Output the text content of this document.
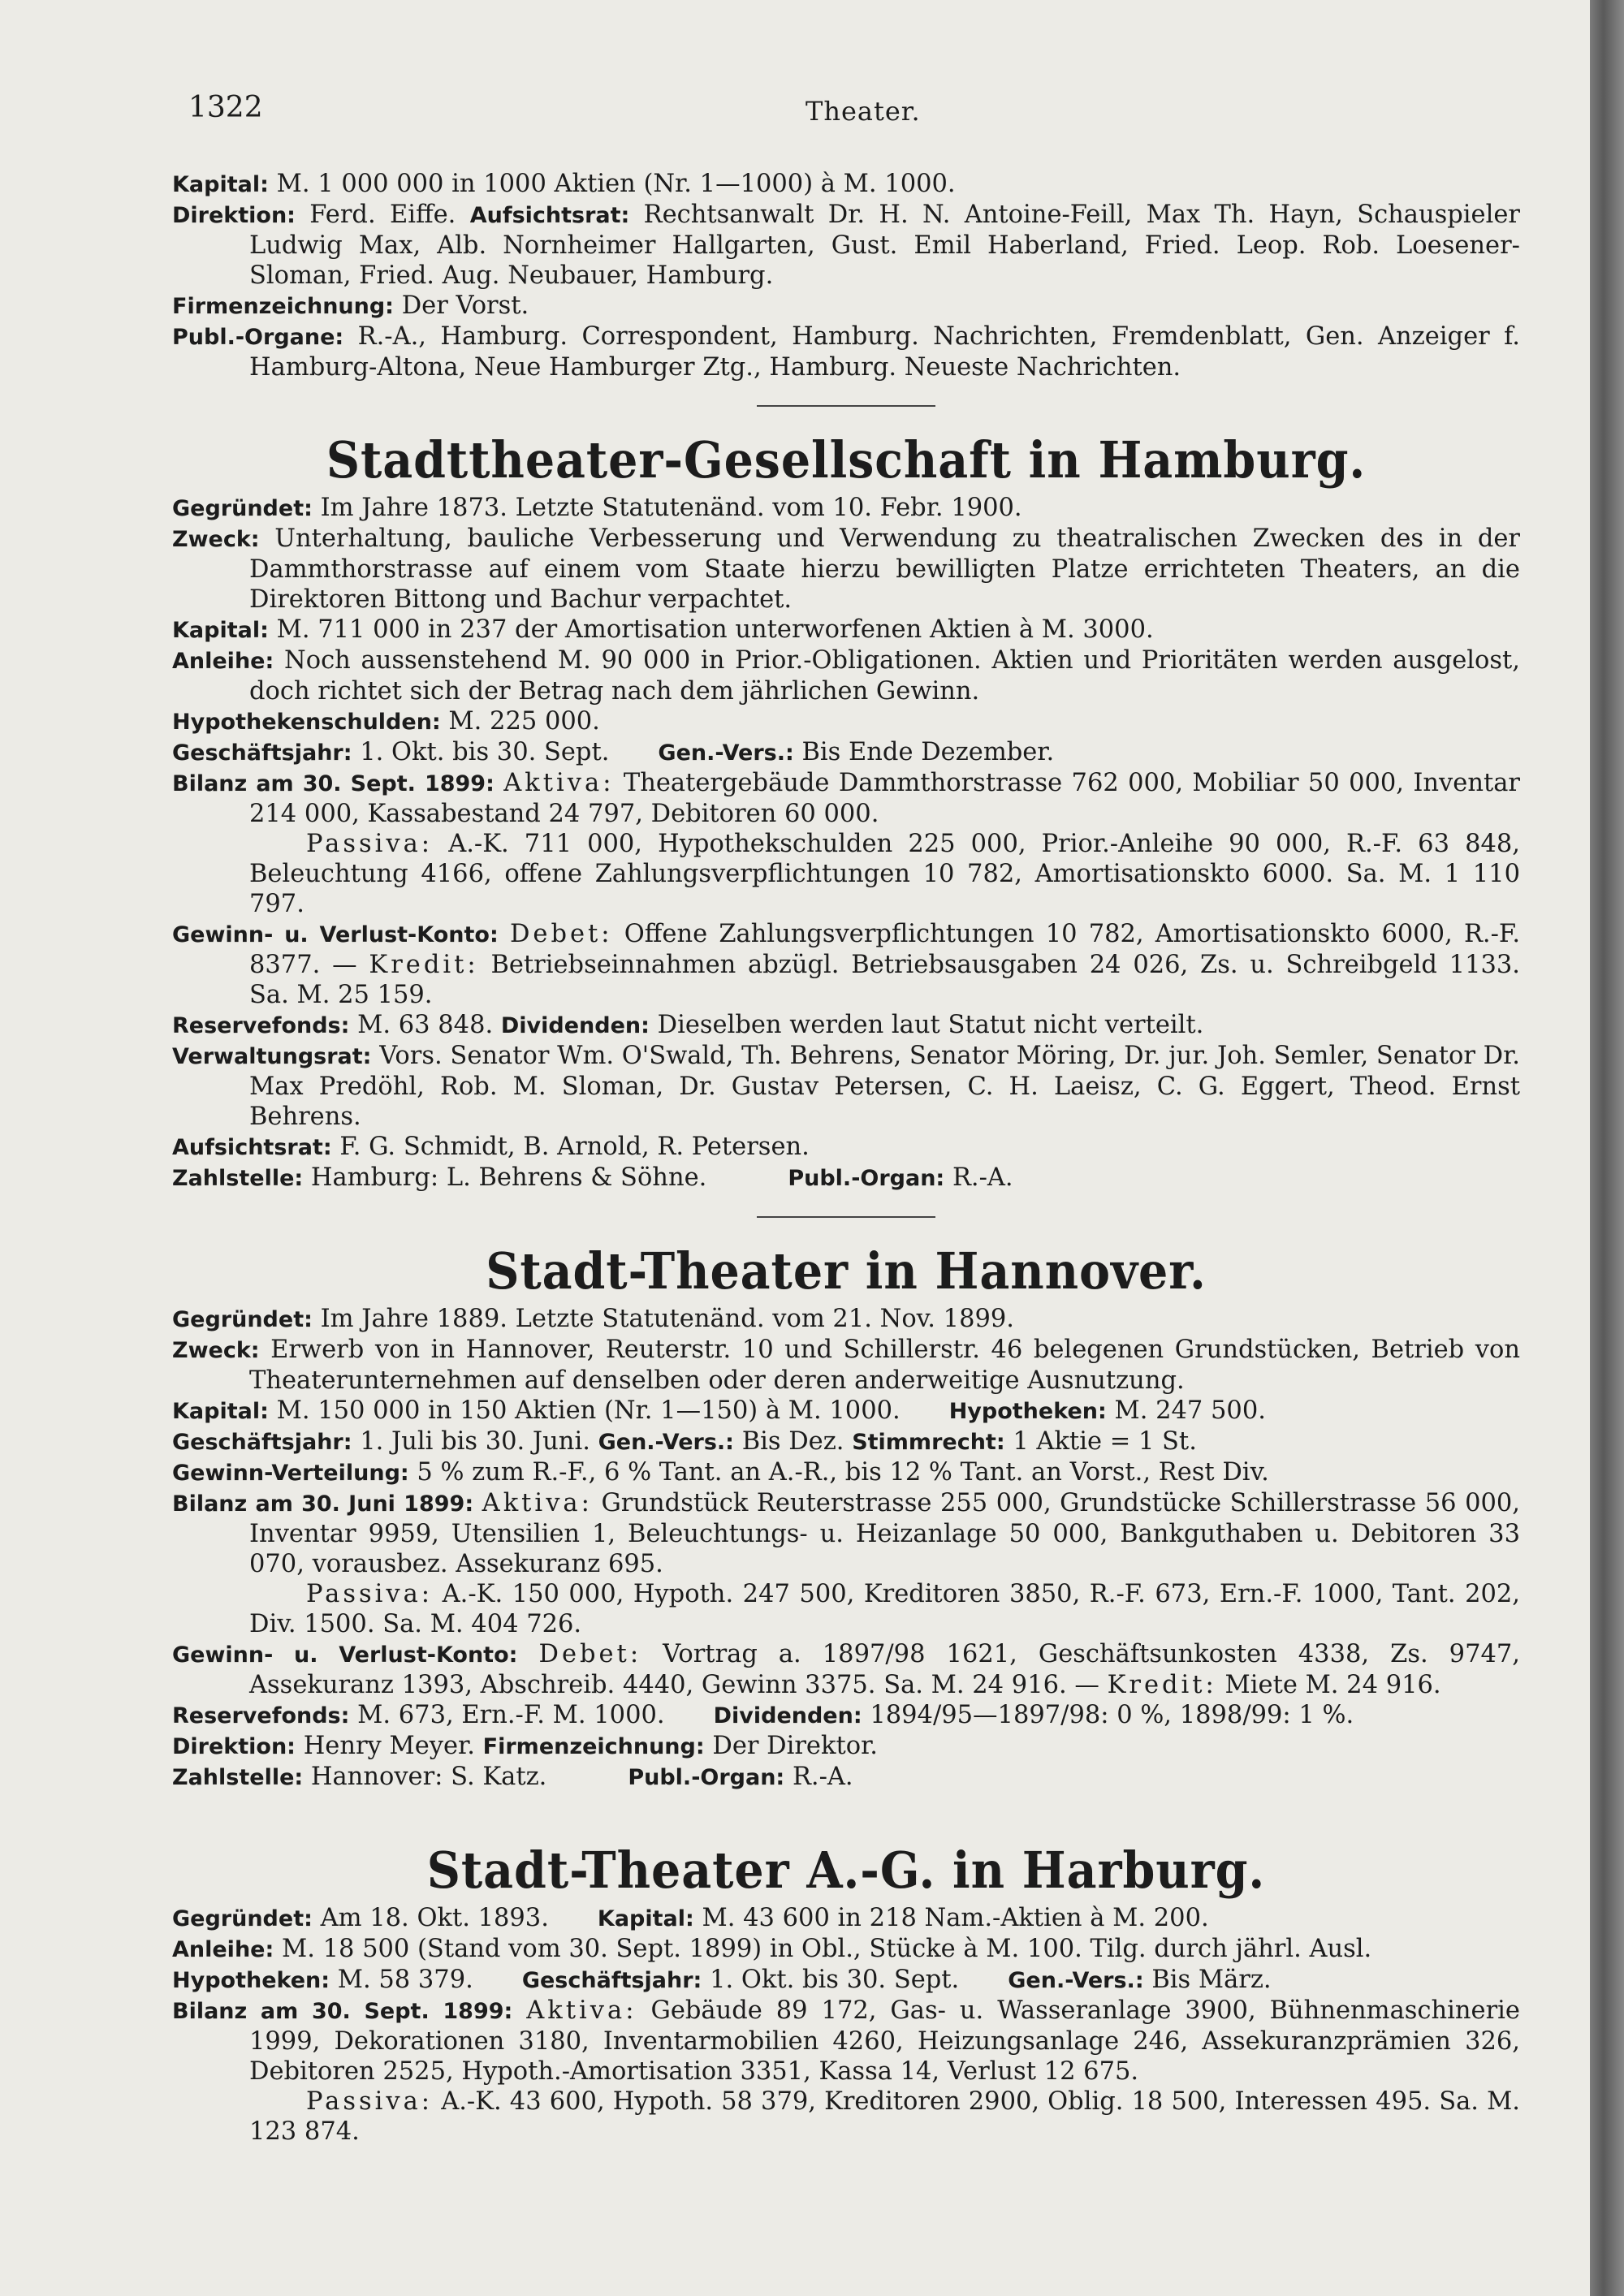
1322	Theater.

Kapital: M. 1 000 000 in 1000 Aktien (Nr. 1—1000) à M. 1000.

Direktion: Ferd. Eiffe. Aufsichtsrat: Rechtsanwalt Dr. H. N. Antoine-Feill, Max Th. Hayn, Schauspieler Ludwig Max, Alb. Nornheimer Hallgarten, Gust. Emil Haberland, Fried. Leop. Rob. Loesener-Sloman, Fried. Aug. Neubauer, Hamburg.

Firmenzeichnung: Der Vorst.

Publ.-Organe: R.-A., Hamburg. Correspondent, Hamburg. Nachrichten, Fremdenblatt, Gen. Anzeiger f. Hamburg-Altona, Neue Hamburger Ztg., Hamburg. Neueste Nachrichten.

Stadttheater-Gesellschaft in Hamburg.

Gegründet: Im Jahre 1873. Letzte Statutenänd. vom 10. Febr. 1900.

Zweck: Unterhaltung, bauliche Verbesserung und Verwendung zu theatralischen Zwecken des in der Dammthorstrasse auf einem vom Staate hierzu bewilligten Platze errichteten Theaters, an die Direktoren Bittong und Bachur verpachtet.

Kapital: M. 711 000 in 237 der Amortisation unterworfenen Aktien à M. 3000.

Anleihe: Noch aussenstehend M. 90 000 in Prior.-Obligationen. Aktien und Prioritäten werden ausgelost, doch richtet sich der Betrag nach dem jährlichen Gewinn.

Hypothekenschulden: M. 225 000.

Geschäftsjahr: 1. Okt. bis 30. Sept. Gen.-Vers.: Bis Ende Dezember.

Bilanz am 30. Sept. 1899: Aktiva: Theatergebäude Dammthorstrasse 762 000, Mobiliar 50 000, Inventar 214 000, Kassabestand 24 797, Debitoren 60 000.

Passiva: A.-K. 711 000, Hypothekschulden 225 000, Prior.-Anleihe 90 000, R.-F. 63 848, Beleuchtung 4166, offene Zahlungsverpflichtungen 10 782, Amortisationskto 6000. Sa. M. 1 110 797.

Gewinn- u. Verlust-Konto: Debet: Offene Zahlungsverpflichtungen 10 782, Amortisationskto 6000, R.-F. 8377. — Kredit: Betriebseinnahmen abzügl. Betriebsausgaben 24 026, Zs. u. Schreibgeld 1133. Sa. M. 25 159.

Reservefonds: M. 63 848. Dividenden: Dieselben werden laut Statut nicht verteilt.

Verwaltungsrat: Vors. Senator Wm. O'Swald, Th. Behrens, Senator Möring, Dr. jur. Joh. Semler, Senator Dr. Max Predöhl, Rob. M. Sloman, Dr. Gustav Petersen, C. H. Laeisz, C. G. Eggert, Theod. Ernst Behrens.

Aufsichtsrat: F. G. Schmidt, B. Arnold, R. Petersen.

Zahlstelle: Hamburg: L. Behrens & Söhne.	Publ.-Organ: R.-A.

Stadt-Theater in Hannover.

Gegründet: Im Jahre 1889. Letzte Statutenänd. vom 21. Nov. 1899.

Zweck: Erwerb von in Hannover, Reuterstr. 10 und Schillerstr. 46 belegenen Grundstücken, Betrieb von Theaterunternehmen auf denselben oder deren anderweitige Ausnutzung.

Kapital: M. 150 000 in 150 Aktien (Nr. 1—150) à M. 1000. Hypotheken: M. 247 500.

Geschäftsjahr: 1. Juli bis 30. Juni. Gen.-Vers.: Bis Dez. Stimmrecht: 1 Aktie = 1 St.

Gewinn-Verteilung: 5 % zum R.-F., 6 % Tant. an A.-R., bis 12 % Tant. an Vorst., Rest Div.

Bilanz am 30. Juni 1899: Aktiva: Grundstück Reuterstrasse 255 000, Grundstücke Schillerstrasse 56 000, Inventar 9959, Utensilien 1, Beleuchtungs- u. Heizanlage 50 000, Bankguthaben u. Debitoren 33 070, vorausbez. Assekuranz 695.

Passiva: A.-K. 150 000, Hypoth. 247 500, Kreditoren 3850, R.-F. 673, Ern.-F. 1000, Tant. 202, Div. 1500. Sa. M. 404 726.

Gewinn- u. Verlust-Konto: Debet: Vortrag a. 1897/98 1621, Geschäftsunkosten 4338, Zs. 9747, Assekuranz 1393, Abschreib. 4440, Gewinn 3375. Sa. M. 24 916. — Kredit: Miete M. 24 916.

Reservefonds: M. 673, Ern.-F. M. 1000. Dividenden: 1894/95—1897/98: 0 %, 1898/99: 1 %.

Direktion: Henry Meyer. Firmenzeichnung: Der Direktor.

Zahlstelle: Hannover: S. Katz.	Publ.-Organ: R.-A.

Stadt-Theater A.-G. in Harburg.

Gegründet: Am 18. Okt. 1893. Kapital: M. 43 600 in 218 Nam.-Aktien à M. 200.

Anleihe: M. 18 500 (Stand vom 30. Sept. 1899) in Obl., Stücke à M. 100. Tilg. durch jährl. Ausl.

Hypotheken: M. 58 379. Geschäftsjahr: 1. Okt. bis 30. Sept. Gen.-Vers.: Bis März.

Bilanz am 30. Sept. 1899: Aktiva: Gebäude 89 172, Gas- u. Wasseranlage 3900, Bühnenmaschinerie 1999, Dekorationen 3180, Inventarmobilien 4260, Heizungsanlage 246, Assekuranzprämien 326, Debitoren 2525, Hypoth.-Amortisation 3351, Kassa 14, Verlust 12 675.

Passiva: A.-K. 43 600, Hypoth. 58 379, Kreditoren 2900, Oblig. 18 500, Interessen 495. Sa. M. 123 874.
